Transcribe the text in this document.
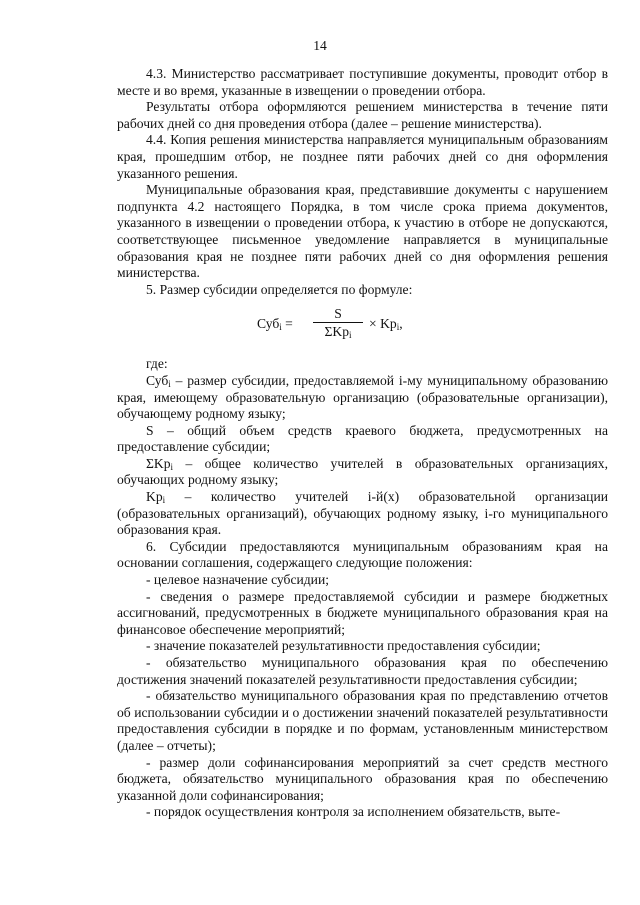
14

4.3. Министерство рассматривает поступившие документы, проводит отбор в месте и во время, указанные в извещении о проведении отбора.

Результаты отбора оформляются решением министерства в течение пяти рабочих дней со дня проведения отбора (далее – решение министерства).

4.4. Копия решения министерства направляется муниципальным образованиям края, прошедшим отбор, не позднее пяти рабочих дней со дня оформления указанного решения.

Муниципальные образования края, представившие документы с нарушением подпункта 4.2 настоящего Порядка, в том числе срока приема документов, указанного в извещении о проведении отбора, к участию в отборе не допускаются, соответствующее письменное уведомление направляется в муниципальные образования края не позднее пяти рабочих дней со дня оформления решения министерства.

5. Размер субсидии определяется по формуле:

Суб$_i$ =
S
ΣKp$_i$
× $Kp_i$,

где:

Суб$_i$ – размер субсидии, предоставляемой i-му муниципальному образованию края, имеющему образовательную организацию (образовательные организации), обучающему родному языку;

S – общий объем средств краевого бюджета, предусмотренных на предоставление субсидии;

ΣKp$_i$ – общее количество учителей в образовательных организациях, обучающих родному языку;

$Kp_i$ – количество учителей i-й(х) образовательной организации (образовательных организаций), обучающих родному языку, i-го муниципального образования края.

6. Субсидии предоставляются муниципальным образованиям края на основании соглашения, содержащего следующие положения:

- целевое назначение субсидии;

- сведения о размере предоставляемой субсидии и размере бюджетных ассигнований, предусмотренных в бюджете муниципального образования края на финансовое обеспечение мероприятий;

- значение показателей результативности предоставления субсидии;

- обязательство муниципального образования края по обеспечению достижения значений показателей результативности предоставления субсидии;

- обязательство муниципального образования края по представлению отчетов об использовании субсидии и о достижении значений показателей результативности предоставления субсидии в порядке и по формам, установленным министерством (далее – отчеты);

- размер доли софинансирования мероприятий за счет средств местного бюджета, обязательство муниципального образования края по обеспечению указанной доли софинансирования;

- порядок осуществления контроля за исполнением обязательств, выте-
